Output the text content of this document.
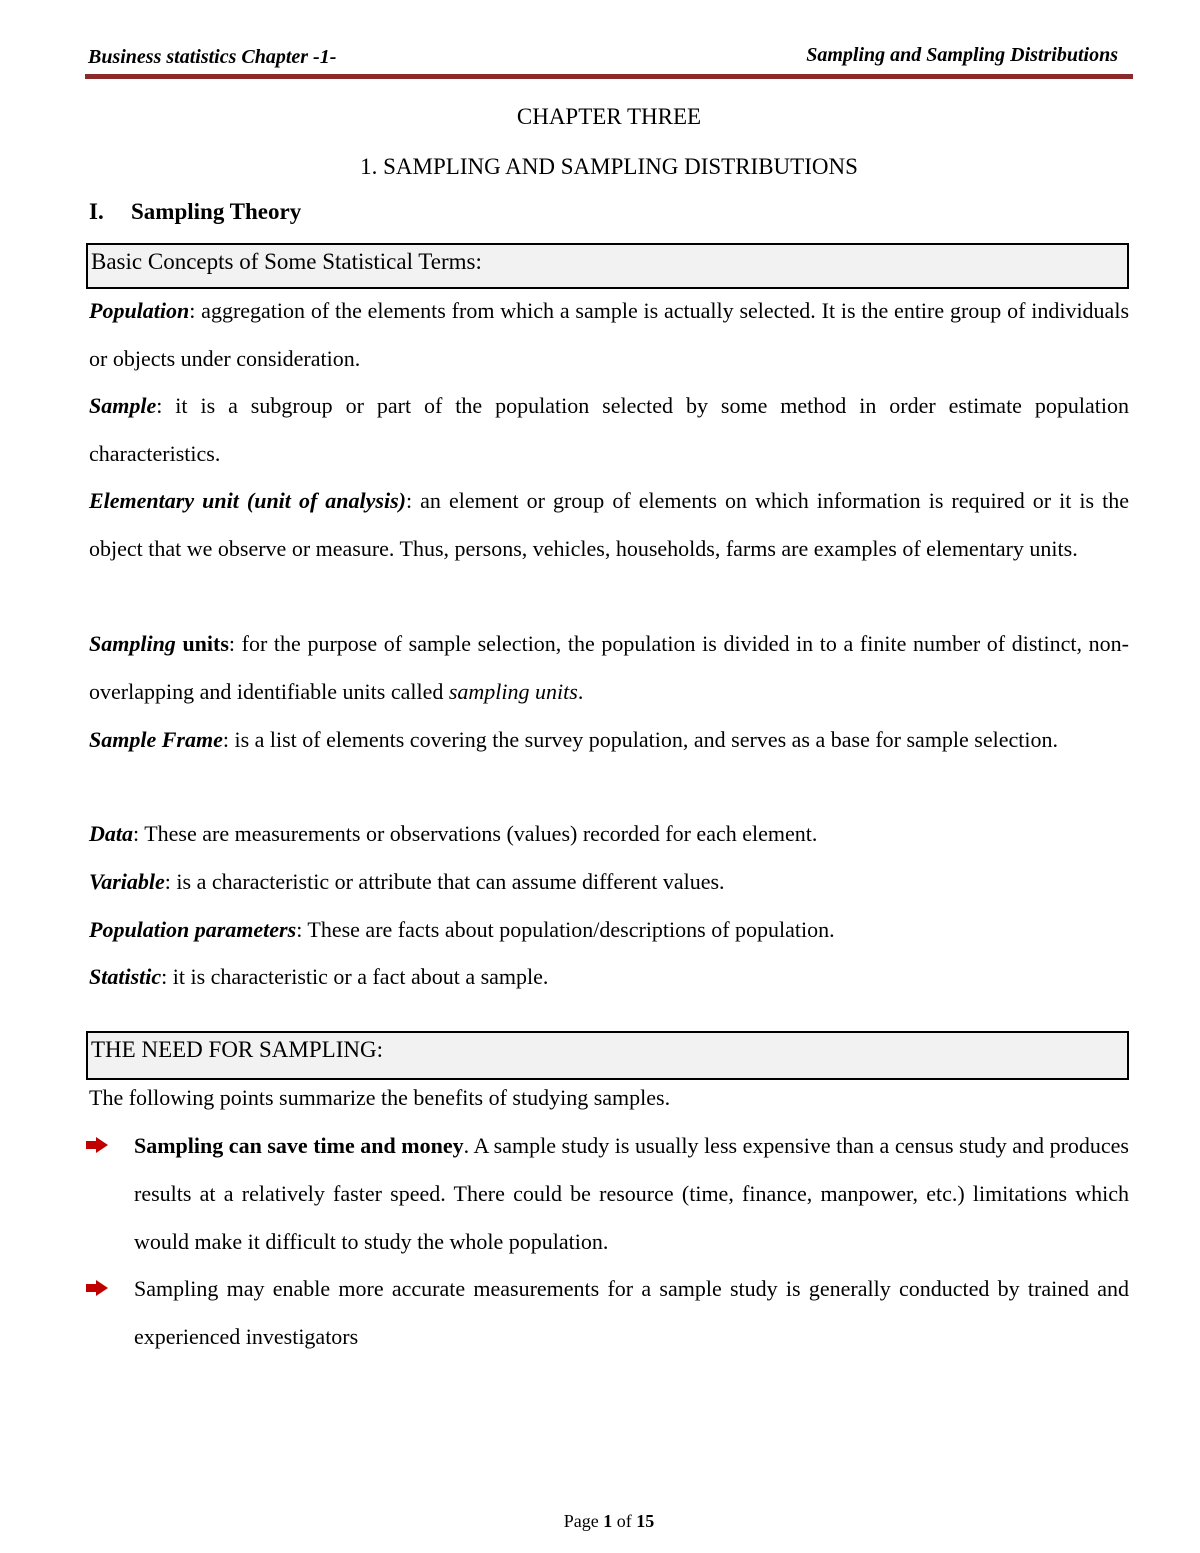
Business statistics Chapter -1-	Sampling and Sampling Distributions
CHAPTER THREE
1. SAMPLING AND SAMPLING DISTRIBUTIONS
I. Sampling Theory
Basic Concepts of Some Statistical Terms:
Population: aggregation of the elements from which a sample is actually selected. It is the entire group of individuals or objects under consideration.
Sample: it is a subgroup or part of the population selected by some method in order estimate population characteristics.
Elementary unit (unit of analysis): an element or group of elements on which information is required or it is the object that we observe or measure. Thus, persons, vehicles, households, farms are examples of elementary units.
Sampling units: for the purpose of sample selection, the population is divided in to a finite number of distinct, non-overlapping and identifiable units called sampling units.
Sample Frame: is a list of elements covering the survey population, and serves as a base for sample selection.
Data: These are measurements or observations (values) recorded for each element.
Variable: is a characteristic or attribute that can assume different values.
Population parameters: These are facts about population/descriptions of population.
Statistic: it is characteristic or a fact about a sample.
THE NEED FOR SAMPLING:
The following points summarize the benefits of studying samples.
Sampling can save time and money. A sample study is usually less expensive than a census study and produces results at a relatively faster speed. There could be resource (time, finance, manpower, etc.) limitations which would make it difficult to study the whole population.
Sampling may enable more accurate measurements for a sample study is generally conducted by trained and experienced investigators
Page 1 of 15
